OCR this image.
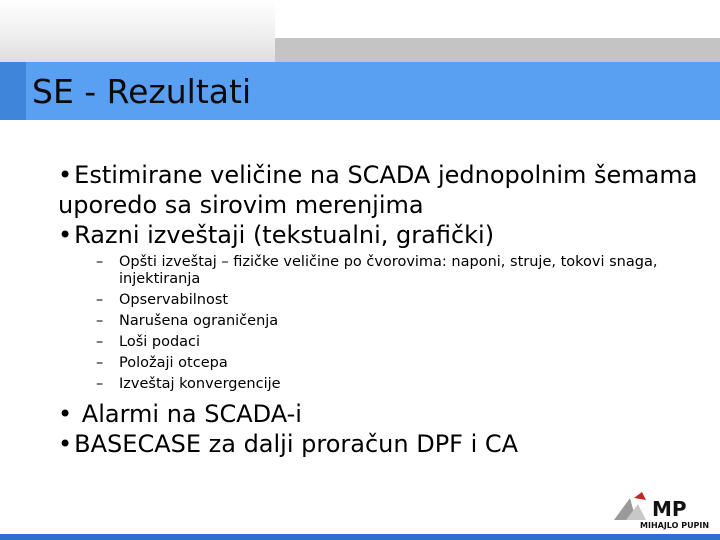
SE - Rezultati

•Estimirane veličine na SCADA jednopolnim šemama uporedo sa sirovim merenjima

•Razni izveštaji (tekstualni, grafički)

– Opšti izveštaj – fizičke veličine po čvorovima: naponi, struje, tokovi snaga, injektiranja
– Opservabilnost
– Narušena ograničenja
– Loši podaci
– Položaji otcepa
– Izveštaj konvergencije

• Alarmi na SCADA-i

•BASECASE za dalji proračun DPF i CA

MP
MIHAJLO PUPIN
